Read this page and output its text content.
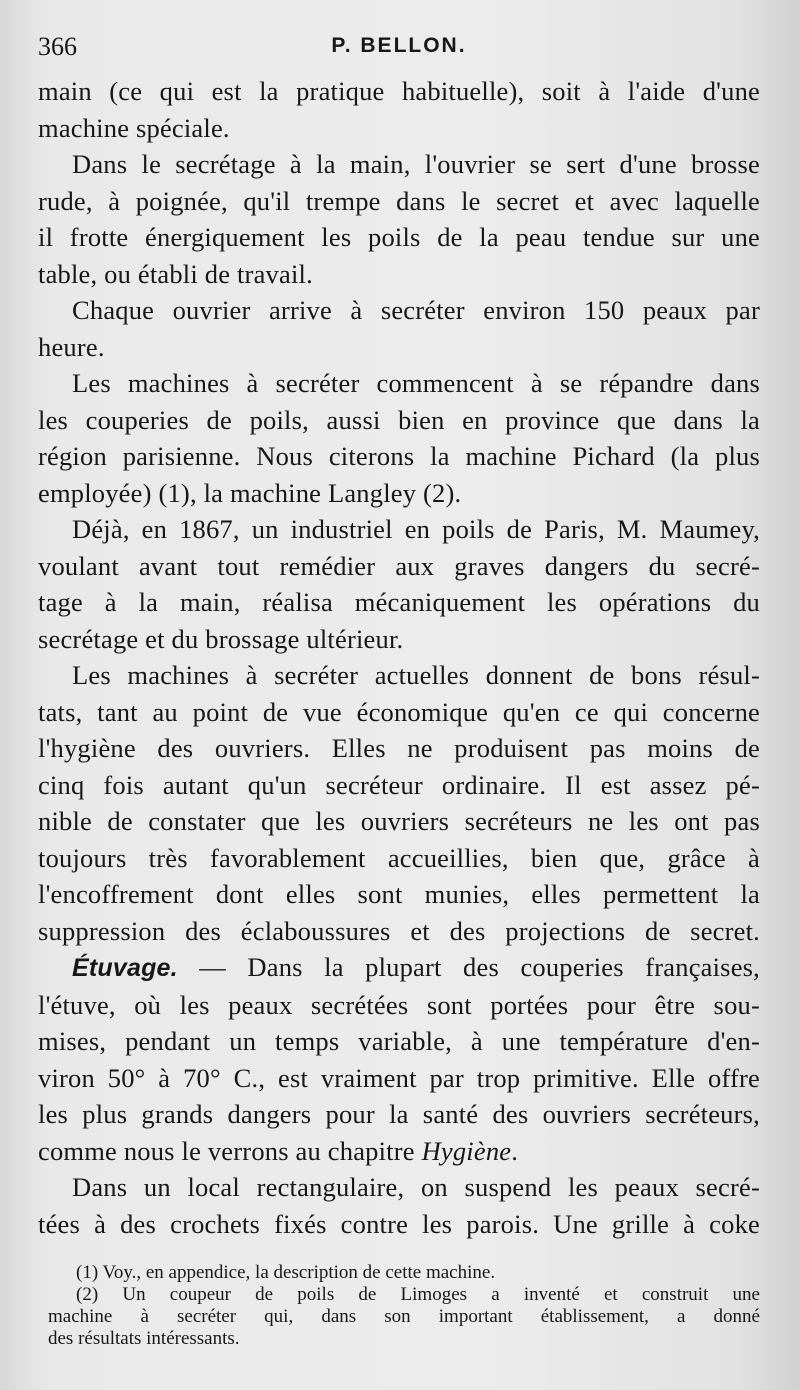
366	P. BELLON.

main (ce qui est la pratique habituelle), soit à l'aide d'une

machine spéciale.

Dans le secrétage à la main, l'ouvrier se sert d'une brosse

rude, à poignée, qu'il trempe dans le secret et avec laquelle

il frotte énergiquement les poils de la peau tendue sur une

table, ou établi de travail.

Chaque ouvrier arrive à secréter environ 150 peaux par

heure.

Les machines à secréter commencent à se répandre dans

les couperies de poils, aussi bien en province que dans la

région parisienne. Nous citerons la machine Pichard (la plus

employée) (1), la machine Langley (2).

Déjà, en 1867, un industriel en poils de Paris, M. Maumey,

voulant avant tout remédier aux graves dangers du secré-

tage à la main, réalisa mécaniquement les opérations du

secrétage et du brossage ultérieur.

Les machines à secréter actuelles donnent de bons résul-

tats, tant au point de vue économique qu'en ce qui concerne

l'hygiène des ouvriers. Elles ne produisent pas moins de

cinq fois autant qu'un secréteur ordinaire. Il est assez pé-

nible de constater que les ouvriers secréteurs ne les ont pas

toujours très favorablement accueillies, bien que, grâce à

l'encoffrement dont elles sont munies, elles permettent la

suppression des éclaboussures et des projections de secret.

Étuvage. — Dans la plupart des couperies françaises,

l'étuve, où les peaux secrétées sont portées pour être sou-

mises, pendant un temps variable, à une température d'en-

viron 50° à 70° C., est vraiment par trop primitive. Elle offre

les plus grands dangers pour la santé des ouvriers secréteurs,

comme nous le verrons au chapitre Hygiène.

Dans un local rectangulaire, on suspend les peaux secré-

tées à des crochets fixés contre les parois. Une grille à coke

(1) Voy., en appendice, la description de cette machine.

(2) Un coupeur de poils de Limoges a inventé et construit une

machine à secréter qui, dans son important établissement, a donné

des résultats intéressants.
